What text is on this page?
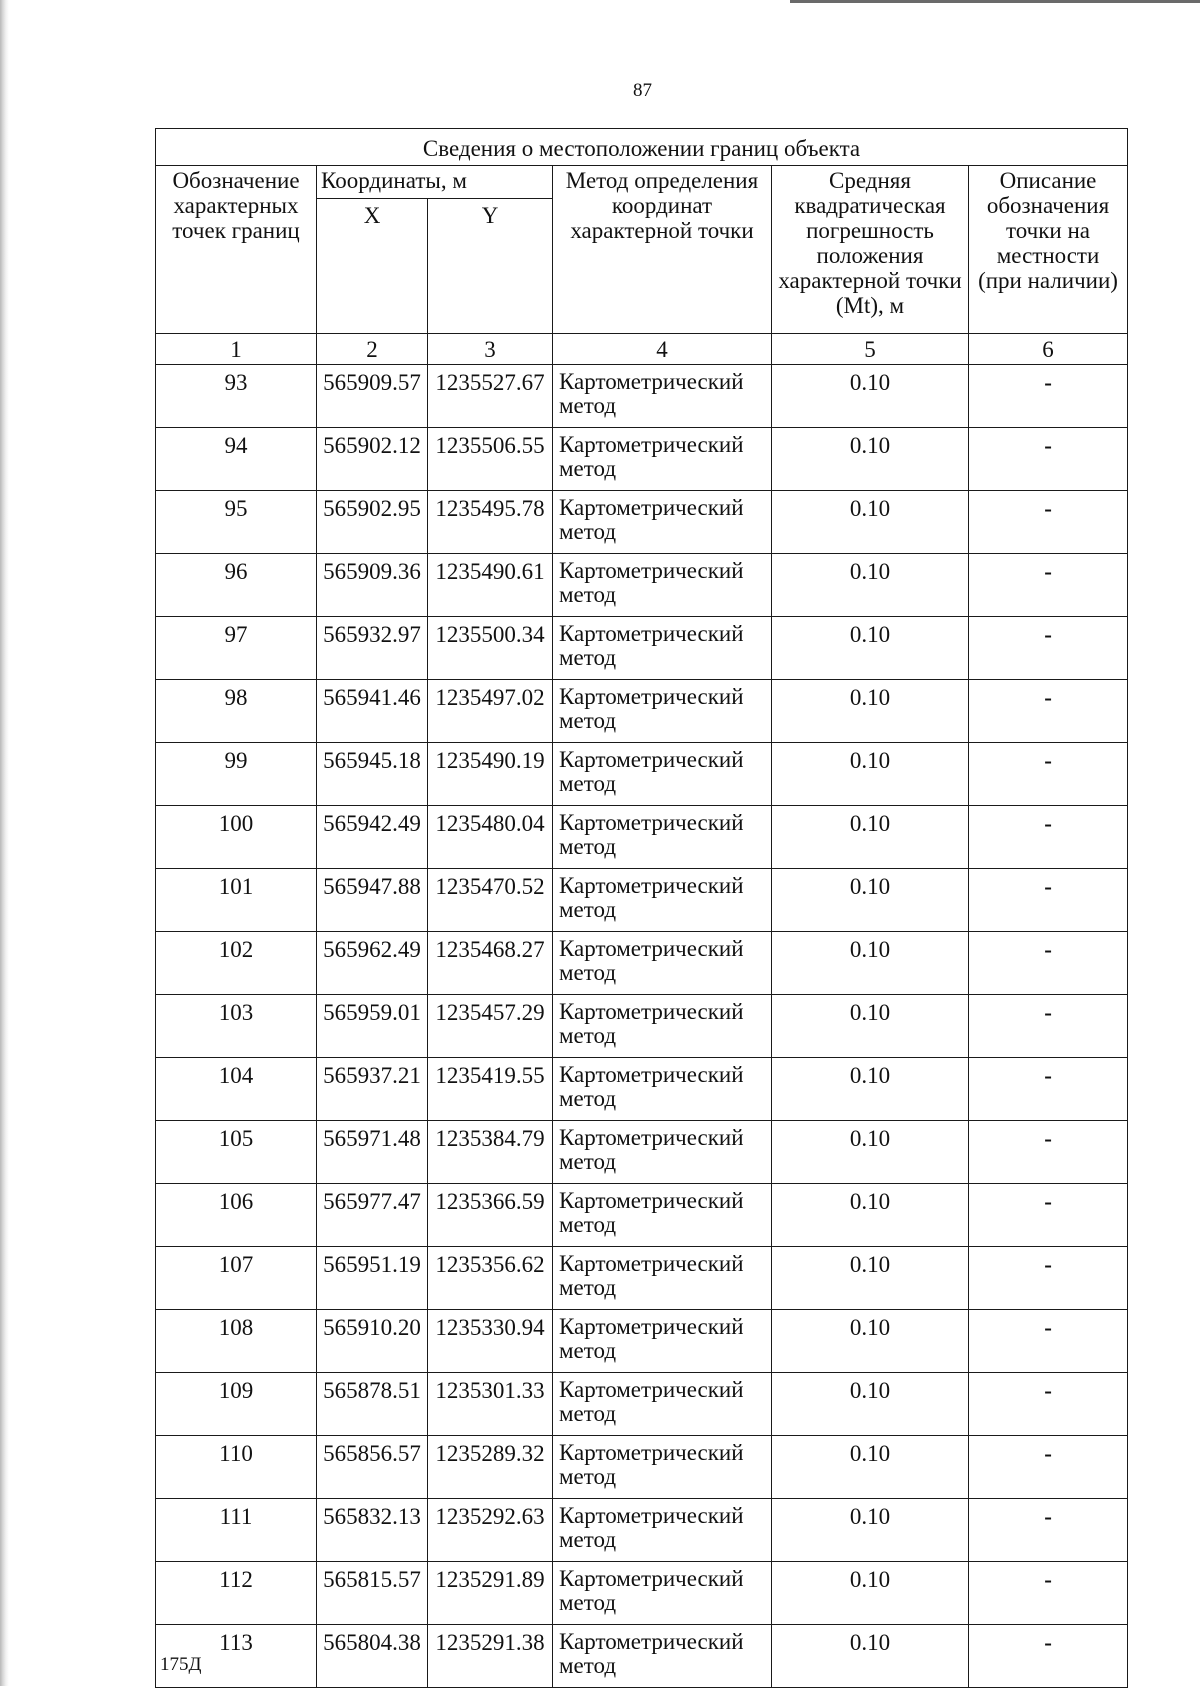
87
Сведения о местоположении границ объекта					
Обозначение характерных точек границ	Координаты, м		Метод определения координат характерной точки	Средняя квадратическая погрешность положения характерной точки (Mt), м	Описание обозначения точки на местности (при наличии)
	X	Y			
1	2	3	4	5	6
93	565909.57	1235527.67	Картометрический метод	0.10	-
94	565902.12	1235506.55	Картометрический метод	0.10	-
95	565902.95	1235495.78	Картометрический метод	0.10	-
96	565909.36	1235490.61	Картометрический метод	0.10	-
97	565932.97	1235500.34	Картометрический метод	0.10	-
98	565941.46	1235497.02	Картометрический метод	0.10	-
99	565945.18	1235490.19	Картометрический метод	0.10	-
100	565942.49	1235480.04	Картометрический метод	0.10	-
101	565947.88	1235470.52	Картометрический метод	0.10	-
102	565962.49	1235468.27	Картометрический метод	0.10	-
103	565959.01	1235457.29	Картометрический метод	0.10	-
104	565937.21	1235419.55	Картометрический метод	0.10	-
105	565971.48	1235384.79	Картометрический метод	0.10	-
106	565977.47	1235366.59	Картометрический метод	0.10	-
107	565951.19	1235356.62	Картометрический метод	0.10	-
108	565910.20	1235330.94	Картометрический метод	0.10	-
109	565878.51	1235301.33	Картометрический метод	0.10	-
110	565856.57	1235289.32	Картометрический метод	0.10	-
111	565832.13	1235292.63	Картометрический метод	0.10	-
112	565815.57	1235291.89	Картометрический метод	0.10	-
113	565804.38	1235291.38	Картометрический метод	0.10	-
175Д
